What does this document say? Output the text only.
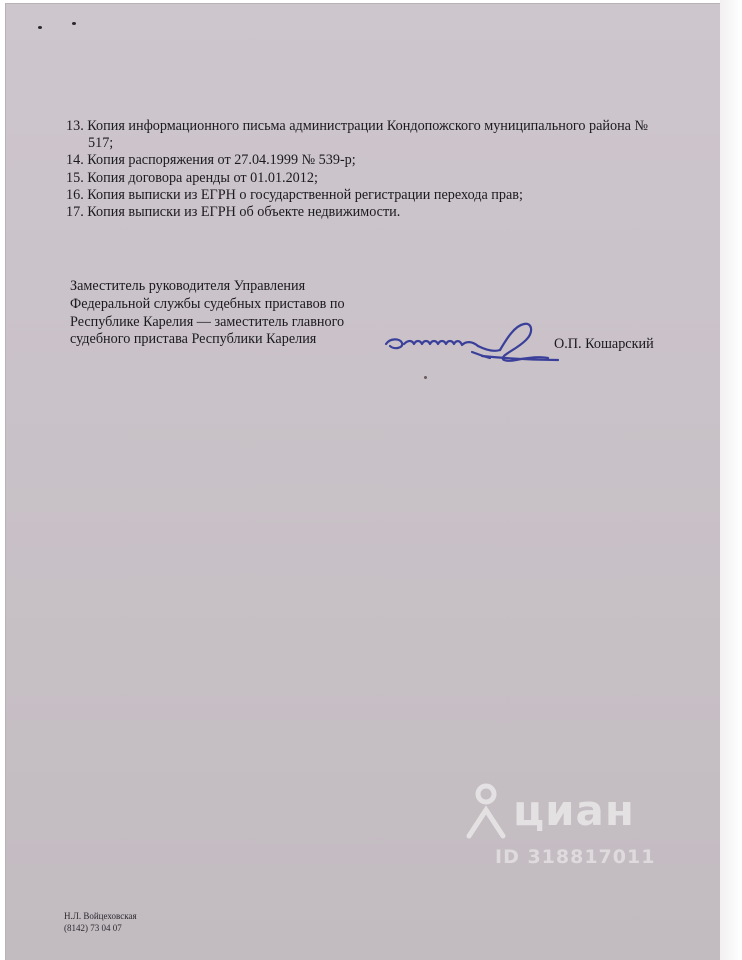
13. Копия информационного письма администрации Кондопожского муниципального района № 517;
14. Копия распоряжения от 27.04.1999 № 539-р;
15. Копия договора аренды от 01.01.2012;
16. Копия выписки из ЕГРН о государственной регистрации перехода прав;
17. Копия выписки из ЕГРН об объекте недвижимости.
Заместитель руководителя Управления
Федеральной службы судебных приставов по
Республике Карелия — заместитель главного
судебного пристава Республики Карелия	О.П. Кошарский
циан
ID 318817011
Н.Л. Войцеховская
(8142) 73 04 07
